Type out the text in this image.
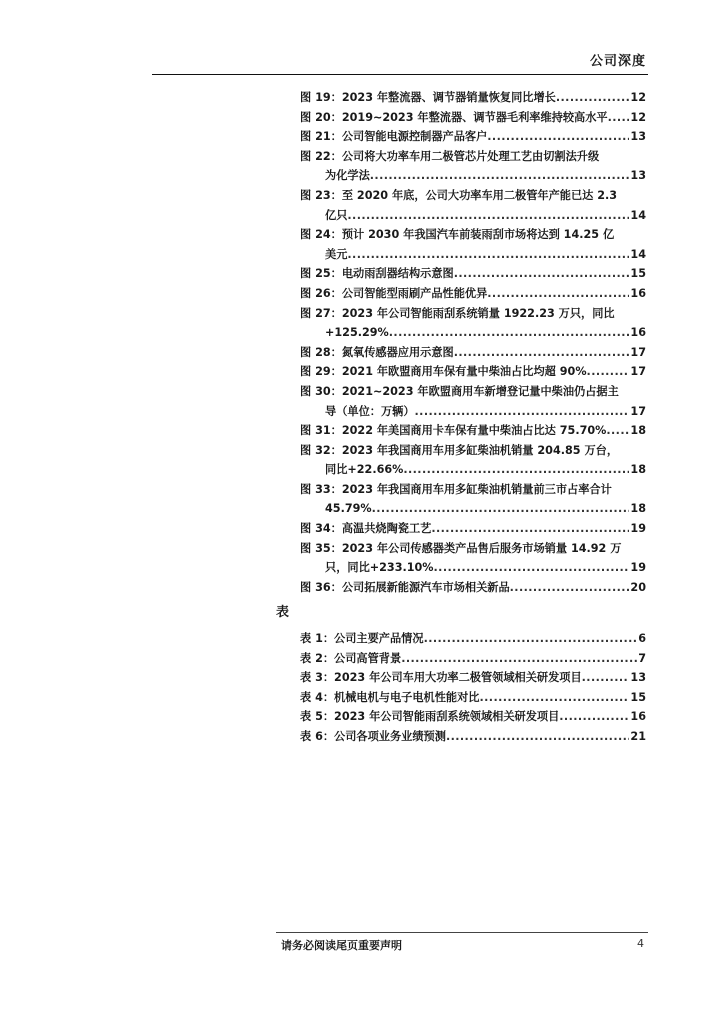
公司深度
图 19：2023 年整流器、调节器销量恢复同比增长 .....	12
图 20：2019~2023 年整流器、调节器毛利率维持较高水平 ..... 12
图 21：公司智能电源控制器产品客户 .....	13
图 22：公司将大功率车用二极管芯片处理工艺由切割法升级
为化学法 .....	13
图 23：至 2020 年底，公司大功率车用二极管年产能已达 2.3
亿只 .....	14
图 24：预计 2030 年我国汽车前装雨刮市场将达到 14.25 亿
美元 .....	14
图 25：电动雨刮器结构示意图 .....	15
图 26：公司智能型雨刷产品性能优异 .....	16
图 27：2023 年公司智能雨刮系统销量 1922.23 万只，同比
+125.29% .....	16
图 28：氮氧传感器应用示意图 .....	17
图 29：2021 年欧盟商用车保有量中柴油占比均超 90% .....	17
图 30：2021~2023 年欧盟商用车新增登记量中柴油仍占据主
导（单位：万辆） .....	17
图 31：2022 年美国商用卡车保有量中柴油占比达 75.70% ..... 18
图 32：2023 年我国商用车用多缸柴油机销量 204.85 万台，
同比+22.66% .....	18
图 33：2023 年我国商用车用多缸柴油机销量前三市占率合计
45.79% .....	18
图 34：高温共烧陶瓷工艺 .....	19
图 35：2023 年公司传感器类产品售后服务市场销量 14.92 万
只，同比+233.10% .....	19
图 36：公司拓展新能源汽车市场相关新品 .....	20
表
表 1：公司主要产品情况 .....	6
表 2：公司高管背景 .....	7
表 3：2023 年公司车用大功率二极管领域相关研发项目 .....	13
表 4：机械电机与电子电机性能对比 .....	15
表 5：2023 年公司智能雨刮系统领域相关研发项目 .....	16
表 6：公司各项业务业绩预测 .....	21
请务必阅读尾页重要声明	4
